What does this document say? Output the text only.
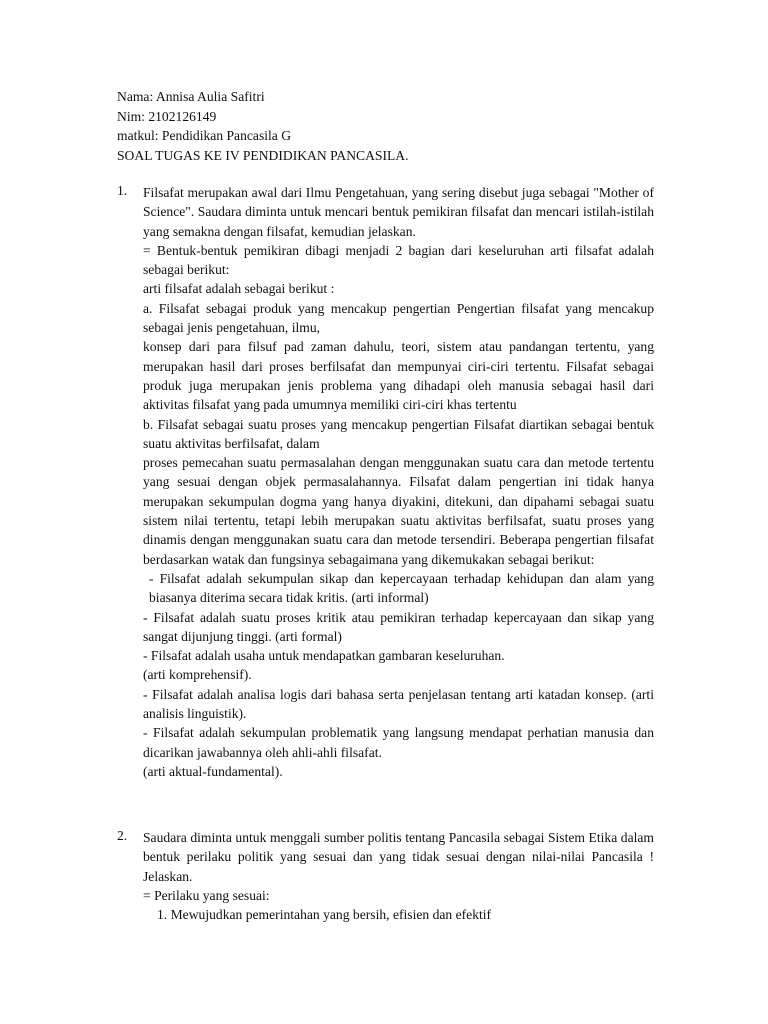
Nama: Annisa Aulia Safitri
Nim: 2102126149
matkul: Pendidikan Pancasila G
SOAL TUGAS KE IV PENDIDIKAN PANCASILA.
1. Filsafat merupakan awal dari Ilmu Pengetahuan, yang sering disebut juga sebagai "Mother of Science". Saudara diminta untuk mencari bentuk pemikiran filsafat dan mencari istilah-istilah yang semakna dengan filsafat, kemudian jelaskan.

= Bentuk-bentuk pemikiran dibagi menjadi 2 bagian dari keseluruhan arti filsafat adalah sebagai berikut:

arti filsafat adalah sebagai berikut :

a. Filsafat sebagai produk yang mencakup pengertian Pengertian filsafat yang mencakup sebagai jenis pengetahuan, ilmu,

konsep dari para filsuf pad zaman dahulu, teori, sistem atau pandangan tertentu, yang merupakan hasil dari proses berfilsafat dan mempunyai ciri-ciri tertentu. Filsafat sebagai produk juga merupakan jenis problema yang dihadapi oleh manusia sebagai hasil dari aktivitas filsafat yang pada umumnya memiliki ciri-ciri khas tertentu

b. Filsafat sebagai suatu proses yang mencakup pengertian Filsafat diartikan sebagai bentuk suatu aktivitas berfilsafat, dalam

proses pemecahan suatu permasalahan dengan menggunakan suatu cara dan metode tertentu yang sesuai dengan objek permasalahannya. Filsafat dalam pengertian ini tidak hanya merupakan sekumpulan dogma yang hanya diyakini, ditekuni, dan dipahami sebagai suatu sistem nilai tertentu, tetapi lebih merupakan suatu aktivitas berfilsafat, suatu proses yang dinamis dengan menggunakan suatu cara dan metode tersendiri. Beberapa pengertian filsafat berdasarkan watak dan fungsinya sebagaimana yang dikemukakan sebagai berikut:

- Filsafat adalah sekumpulan sikap dan kepercayaan terhadap kehidupan dan alam yang biasanya diterima secara tidak kritis. (arti informal)

- Filsafat adalah suatu proses kritik atau pemikiran terhadap kepercayaan dan sikap yang sangat dijunjung tinggi. (arti formal)

- Filsafat adalah usaha untuk mendapatkan gambaran keseluruhan.

(arti komprehensif).

- Filsafat adalah analisa logis dari bahasa serta penjelasan tentang arti katadan konsep. (arti analisis linguistik).

- Filsafat adalah sekumpulan problematik yang langsung mendapat perhatian manusia dan dicarikan jawabannya oleh ahli-ahli filsafat.

(arti aktual-fundamental).

2. Saudara diminta untuk menggali sumber politis tentang Pancasila sebagai Sistem Etika dalam bentuk perilaku politik yang sesuai dan yang tidak sesuai dengan nilai-nilai Pancasila ! Jelaskan.

= Perilaku yang sesuai:

1. Mewujudkan pemerintahan yang bersih, efisien dan efektif
